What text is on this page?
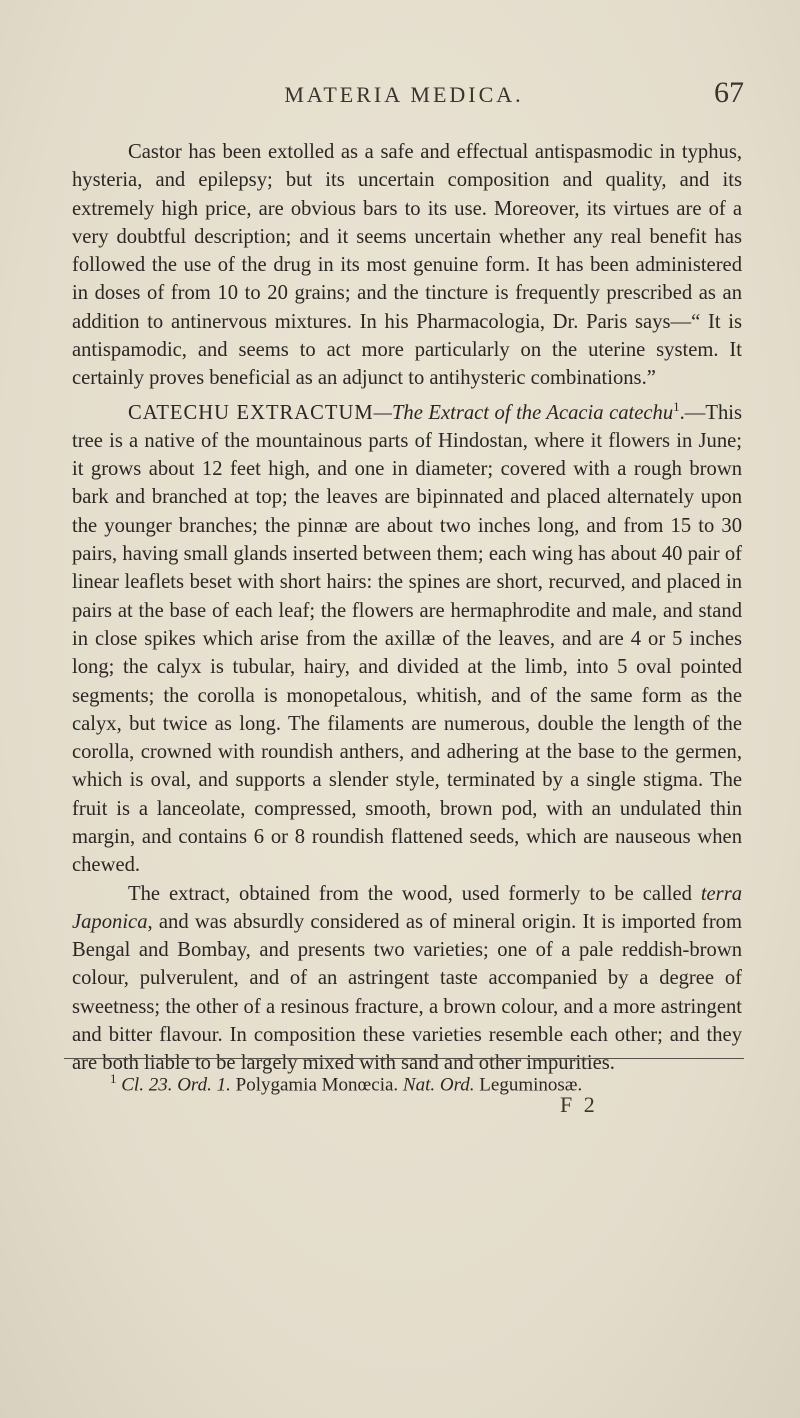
MATERIA MEDICA.	67

Castor has been extolled as a safe and effectual antispasmodic in typhus, hysteria, and epilepsy; but its uncertain composition and quality, and its extremely high price, are obvious bars to its use. Moreover, its virtues are of a very doubtful description; and it seems uncertain whether any real benefit has followed the use of the drug in its most genuine form. It has been administered in doses of from 10 to 20 grains; and the tincture is frequently prescribed as an addition to antinervous mixtures. In his Pharmacologia, Dr. Paris says—“ It is antispamodic, and seems to act more particularly on the uterine system. It certainly proves beneficial as an adjunct to antihysteric combinations.”

CATECHU EXTRACTUM—The Extract of the Acacia catechu$^1$.—This tree is a native of the mountainous parts of Hindostan, where it flowers in June; it grows about 12 feet high, and one in diameter; covered with a rough brown bark and branched at top; the leaves are bipinnated and placed alternately upon the younger branches; the pinnæ are about two inches long, and from 15 to 30 pairs, having small glands inserted between them; each wing has about 40 pair of linear leaflets beset with short hairs: the spines are short, recurved, and placed in pairs at the base of each leaf; the flowers are hermaphrodite and male, and stand in close spikes which arise from the axillæ of the leaves, and are 4 or 5 inches long; the calyx is tubular, hairy, and divided at the limb, into 5 oval pointed segments; the corolla is monopetalous, whitish, and of the same form as the calyx, but twice as long. The filaments are numerous, double the length of the corolla, crowned with roundish anthers, and adhering at the base to the germen, which is oval, and supports a slender style, terminated by a single stigma. The fruit is a lanceolate, compressed, smooth, brown pod, with an undulated thin margin, and contains 6 or 8 roundish flattened seeds, which are nauseous when chewed.

The extract, obtained from the wood, used formerly to be called terra Japonica, and was absurdly considered as of mineral origin. It is imported from Bengal and Bombay, and presents two varieties; one of a pale reddish-brown colour, pulverulent, and of an astringent taste accompanied by a degree of sweetness; the other of a resinous fracture, a brown colour, and a more astringent and bitter flavour. In composition these varieties resemble each other; and they are both liable to be largely mixed with sand and other impurities.

$^1$ Cl. 23. Ord. 1. Polygamia Monœcia. Nat. Ord. Leguminosæ.
F 2
